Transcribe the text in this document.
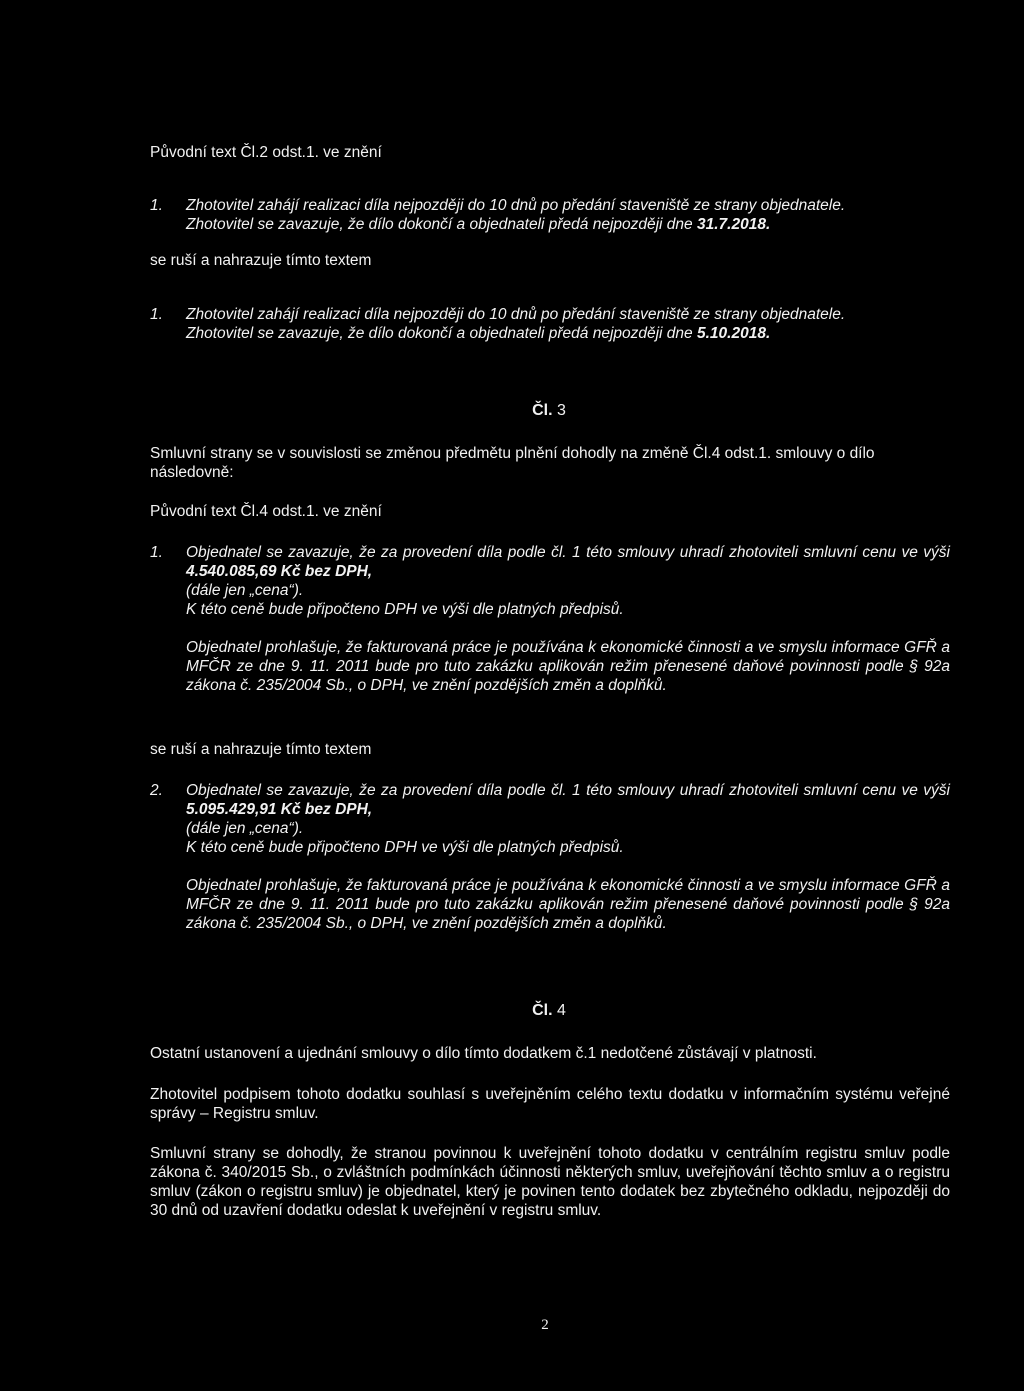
Původní text Čl.2 odst.1. ve znění

1. Zhotovitel zahájí realizaci díla nejpozději do 10 dnů po předání staveniště ze strany objednatele.
Zhotovitel se zavazuje, že dílo dokončí a objednateli předá nejpozději dne 31.7.2018.

se ruší a nahrazuje tímto textem

1. Zhotovitel zahájí realizaci díla nejpozději do 10 dnů po předání staveniště ze strany objednatele.
Zhotovitel se zavazuje, že dílo dokončí a objednateli předá nejpozději dne 5.10.2018.
Čl. 3

Smluvní strany se v souvislosti se změnou předmětu plnění dohodly na změně Čl.4 odst.1. smlouvy o dílo následovně:

Původní text Čl.4 odst.1. ve znění

1. Objednatel se zavazuje, že za provedení díla podle čl. 1 této smlouvy uhradí zhotoviteli smluvní cenu ve výši 4.540.085,69 Kč bez DPH,
(dále jen „cena“).
K této ceně bude připočteno DPH ve výši dle platných předpisů.
Objednatel prohlašuje, že fakturovaná práce je používána k ekonomické činnosti a ve smyslu informace GFŘ a MFČR ze dne 9. 11. 2011 bude pro tuto zakázku aplikován režim přenesené daňové povinnosti podle § 92a zákona č. 235/2004 Sb., o DPH, ve znění pozdějších změn a doplňků.

se ruší a nahrazuje tímto textem

2. Objednatel se zavazuje, že za provedení díla podle čl. 1 této smlouvy uhradí zhotoviteli smluvní cenu ve výši 5.095.429,91 Kč bez DPH,
(dále jen „cena“).
K této ceně bude připočteno DPH ve výši dle platných předpisů.
Objednatel prohlašuje, že fakturovaná práce je používána k ekonomické činnosti a ve smyslu informace GFŘ a MFČR ze dne 9. 11. 2011 bude pro tuto zakázku aplikován režim přenesené daňové povinnosti podle § 92a zákona č. 235/2004 Sb., o DPH, ve znění pozdějších změn a doplňků.
Čl. 4

Ostatní ustanovení a ujednání smlouvy o dílo tímto dodatkem č.1 nedotčené zůstávají v platnosti.

Zhotovitel podpisem tohoto dodatku souhlasí s uveřejněním celého textu dodatku v informačním systému veřejné správy – Registru smluv.

Smluvní strany se dohodly, že stranou povinnou k uveřejnění tohoto dodatku v centrálním registru smluv podle zákona č. 340/2015 Sb., o zvláštních podmínkách účinnosti některých smluv, uveřejňování těchto smluv a o registru smluv (zákon o registru smluv) je objednatel, který je povinen tento dodatek bez zbytečného odkladu, nejpozději do 30 dnů od uzavření dodatku odeslat k uveřejnění v registru smluv.

2
